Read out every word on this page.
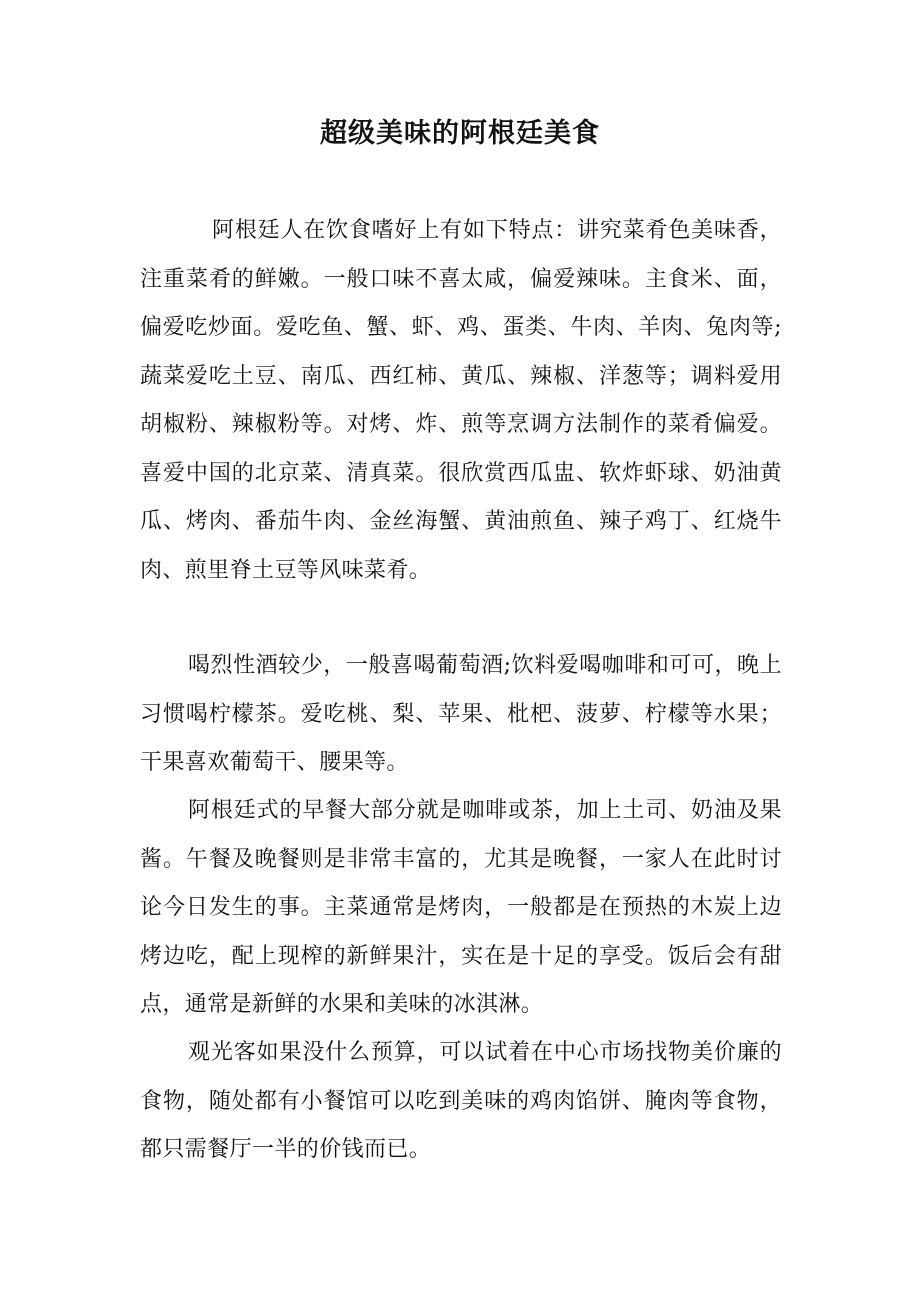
超级美味的阿根廷美食

阿根廷人在饮食嗜好上有如下特点：讲究菜肴色美味香，注重菜肴的鲜嫩。一般口味不喜太咸，偏爱辣味。主食米、面，偏爱吃炒面。爱吃鱼、蟹、虾、鸡、蛋类、牛肉、羊肉、兔肉等;蔬菜爱吃土豆、南瓜、西红柿、黄瓜、辣椒、洋葱等；调料爱用胡椒粉、辣椒粉等。对烤、炸、煎等烹调方法制作的菜肴偏爱。喜爱中国的北京菜、清真菜。很欣赏西瓜盅、软炸虾球、奶油黄瓜、烤肉、番茄牛肉、金丝海蟹、黄油煎鱼、辣子鸡丁、红烧牛肉、煎里脊土豆等风味菜肴。

喝烈性酒较少，一般喜喝葡萄酒;饮料爱喝咖啡和可可，晚上习惯喝柠檬茶。爱吃桃、梨、苹果、枇杷、菠萝、柠檬等水果；干果喜欢葡萄干、腰果等。

阿根廷式的早餐大部分就是咖啡或茶，加上土司、奶油及果酱。午餐及晚餐则是非常丰富的，尤其是晚餐，一家人在此时讨论今日发生的事。主菜通常是烤肉，一般都是在预热的木炭上边烤边吃，配上现榨的新鲜果汁，实在是十足的享受。饭后会有甜点，通常是新鲜的水果和美味的冰淇淋。

观光客如果没什么预算，可以试着在中心市场找物美价廉的食物，随处都有小餐馆可以吃到美味的鸡肉馅饼、腌肉等食物，都只需餐厅一半的价钱而已。
